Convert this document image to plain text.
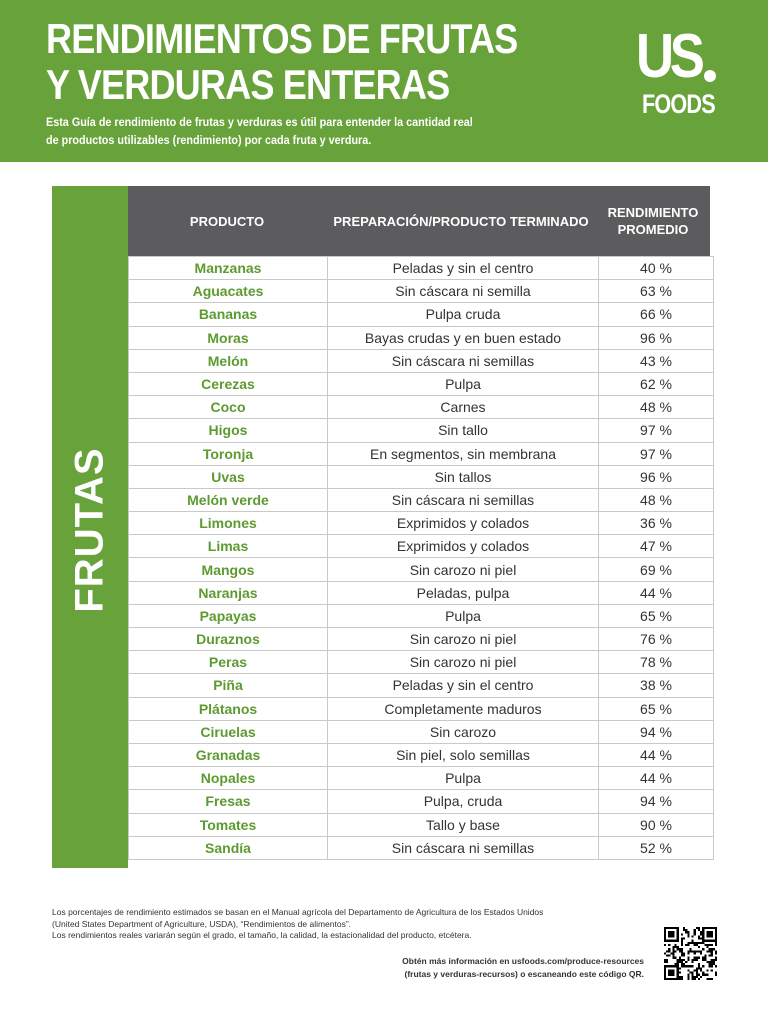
RENDIMIENTOS DE FRUTAS
Y VERDURAS ENTERAS
Esta Guía de rendimiento de frutas y verduras es útil para entender la cantidad real
de productos utilizables (rendimiento) por cada fruta y verdura.
US
FOODS
FRUTAS
PRODUCTO	PREPARACIÓN/PRODUCTO TERMINADO
RENDIMIENTO
PROMEDIO
Manzanas	Peladas y sin el centro	40 %
Aguacates	Sin cáscara ni semilla	63 %
Bananas	Pulpa cruda	66 %
Moras	Bayas crudas y en buen estado	96 %
Melón	Sin cáscara ni semillas	43 %
Cerezas	Pulpa	62 %
Coco	Carnes	48 %
Higos	Sin tallo	97 %
Toronja	En segmentos, sin membrana	97 %
Uvas	Sin tallos	96 %
Melón verde	Sin cáscara ni semillas	48 %
Limones	Exprimidos y colados	36 %
Limas	Exprimidos y colados	47 %
Mangos	Sin carozo ni piel	69 %
Naranjas	Peladas, pulpa	44 %
Papayas	Pulpa	65 %
Duraznos	Sin carozo ni piel	76 %
Peras	Sin carozo ni piel	78 %
Piña	Peladas y sin el centro	38 %
Plátanos	Completamente maduros	65 %
Ciruelas	Sin carozo	94 %
Granadas	Sin piel, solo semillas	44 %
Nopales	Pulpa	44 %
Fresas	Pulpa, cruda	94 %
Tomates	Tallo y base	90 %
Sandía	Sin cáscara ni semillas	52 %
Los porcentajes de rendimiento estimados se basan en el Manual agrícola del Departamento de Agricultura de los Estados Unidos
(United States Department of Agriculture, USDA), “Rendimientos de alimentos”.
Los rendimientos reales variarán según el grado, el tamaño, la calidad, la estacionalidad del producto, etcétera.
Obtén más información en usfoods.com/produce-resources
(frutas y verduras-recursos) o escaneando este código QR.
